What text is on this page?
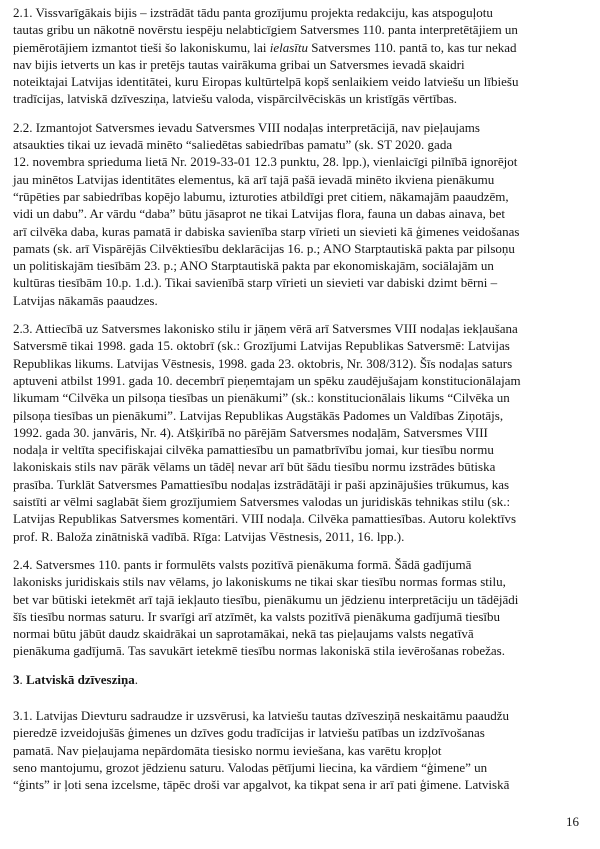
2.1. Vissvarīgākais bijis – izstrādāt tādu panta grozījumu projekta redakciju, kas atspoguļotu
tautas gribu un nākotnē novērstu iespēju nelabticīgiem Satversmes 110. panta interpretētājiem un
piemērotājiem izmantot tieši šo lakoniskumu, lai ielasītu Satversmes 110. pantā to, kas tur nekad
nav bijis ietverts un kas ir pretējs tautas vairākuma gribai un Satversmes ievadā skaidri
noteiktajai Latvijas identitātei, kuru Eiropas kultūrtelpā kopš senlaikiem veido latviešu un lībiešu
tradīcijas, latviskā dzīvesziņa, latviešu valoda, vispārcilvēciskās un kristīgās vērtības.
2.2. Izmantojot Satversmes ievadu Satversmes VIII nodaļas interpretācijā, nav pieļaujams
atsaukties tikai uz ievadā minēto “saliedētas sabiedrības pamatu” (sk. ST 2020. gada
12. novembra sprieduma lietā Nr. 2019-33-01 12.3 punktu, 28. lpp.), vienlaicīgi pilnībā ignorējot
jau minētos Latvijas identitātes elementus, kā arī tajā pašā ievadā minēto ikviena pienākumu
“rūpēties par sabiedrības kopējo labumu, izturoties atbildīgi pret citiem, nākamajām paaudzēm,
vidi un dabu”. Ar vārdu “daba” būtu jāsaprot ne tikai Latvijas flora, fauna un dabas ainava, bet
arī cilvēka daba, kuras pamatā ir dabiska savienība starp vīrieti un sievieti kā ģimenes veidošanas
pamats (sk. arī Vispārējās Cilvēktiesību deklarācijas 16. p.; ANO Starptautiskā pakta par pilsoņu
un politiskajām tiesībām 23. p.; ANO Starptautiskā pakta par ekonomiskajām, sociālajām un
kultūras tiesībām 10.p. 1.d.). Tikai savienībā starp vīrieti un sievieti var dabiski dzimt bērni –
Latvijas nākamās paaudzes.
2.3. Attiecībā uz Satversmes lakonisko stilu ir jāņem vērā arī Satversmes VIII nodaļas iekļaušana
Satversmē tikai 1998. gada 15. oktobrī (sk.: Grozījumi Latvijas Republikas Satversmē: Latvijas
Republikas likums. Latvijas Vēstnesis, 1998. gada 23. oktobris, Nr. 308/312). Šīs nodaļas saturs
aptuveni atbilst 1991. gada 10. decembrī pieņemtajam un spēku zaudējušajam konstitucionālajam
likumam “Cilvēka un pilsoņa tiesības un pienākumi” (sk.: konstitucionālais likums “Cilvēka un
pilsoņa tiesības un pienākumi”. Latvijas Republikas Augstākās Padomes un Valdības Ziņotājs,
1992. gada 30. janvāris, Nr. 4). Atšķirībā no pārējām Satversmes nodaļām, Satversmes VIII
nodaļa ir veltīta specifiskajai cilvēka pamattiesību un pamatbrīvību jomai, kur tiesību normu
lakoniskais stils nav pārāk vēlams un tādēļ nevar arī būt šādu tiesību normu izstrādes būtiska
prasība. Turklāt Satversmes Pamattiesību nodaļas izstrādātāji ir paši apzinājušies trūkumus, kas
saistīti ar vēlmi saglabāt šiem grozījumiem Satversmes valodas un juridiskās tehnikas stilu (sk.:
Latvijas Republikas Satversmes komentāri. VIII nodaļa. Cilvēka pamattiesības. Autoru kolektīvs
prof. R. Baloža zinātniskā vadībā. Rīga: Latvijas Vēstnesis, 2011, 16. lpp.).
2.4. Satversmes 110. pants ir formulēts valsts pozitīvā pienākuma formā. Šādā gadījumā
lakonisks juridiskais stils nav vēlams, jo lakoniskums ne tikai skar tiesību normas formas stilu,
bet var būtiski ietekmēt arī tajā iekļauto tiesību, pienākumu un jēdzienu interpretāciju un tādējādi
šīs tiesību normas saturu. Ir svarīgi arī atzīmēt, ka valsts pozitīvā pienākuma gadījumā tiesību
normai būtu jābūt daudz skaidrākai un saprotamākai, nekā tas pieļaujams valsts negatīvā
pienākuma gadījumā. Tas savukārt ietekmē tiesību normas lakoniskā stila ievērošanas robežas.
3. Latviskā dzīvesziņa.
3.1. Latvijas Dievturu sadraudze ir uzsvērusi, ka latviešu tautas dzīvesziņā neskaitāmu paaudžu
pieredzē izveidojušās ģimenes un dzīves godu tradīcijas ir latviešu patības un izdzīvošanas
pamatā. Nav pieļaujama nepārdomāta tiesisko normu ieviešana, kas varētu kropļot
seno mantojumu, grozot jēdzienu saturu. Valodas pētījumi liecina, ka vārdiem “ģimene” un
“ģints” ir ļoti sena izcelsme, tāpēc droši var apgalvot, ka tikpat sena ir arī pati ģimene. Latviskā
16
